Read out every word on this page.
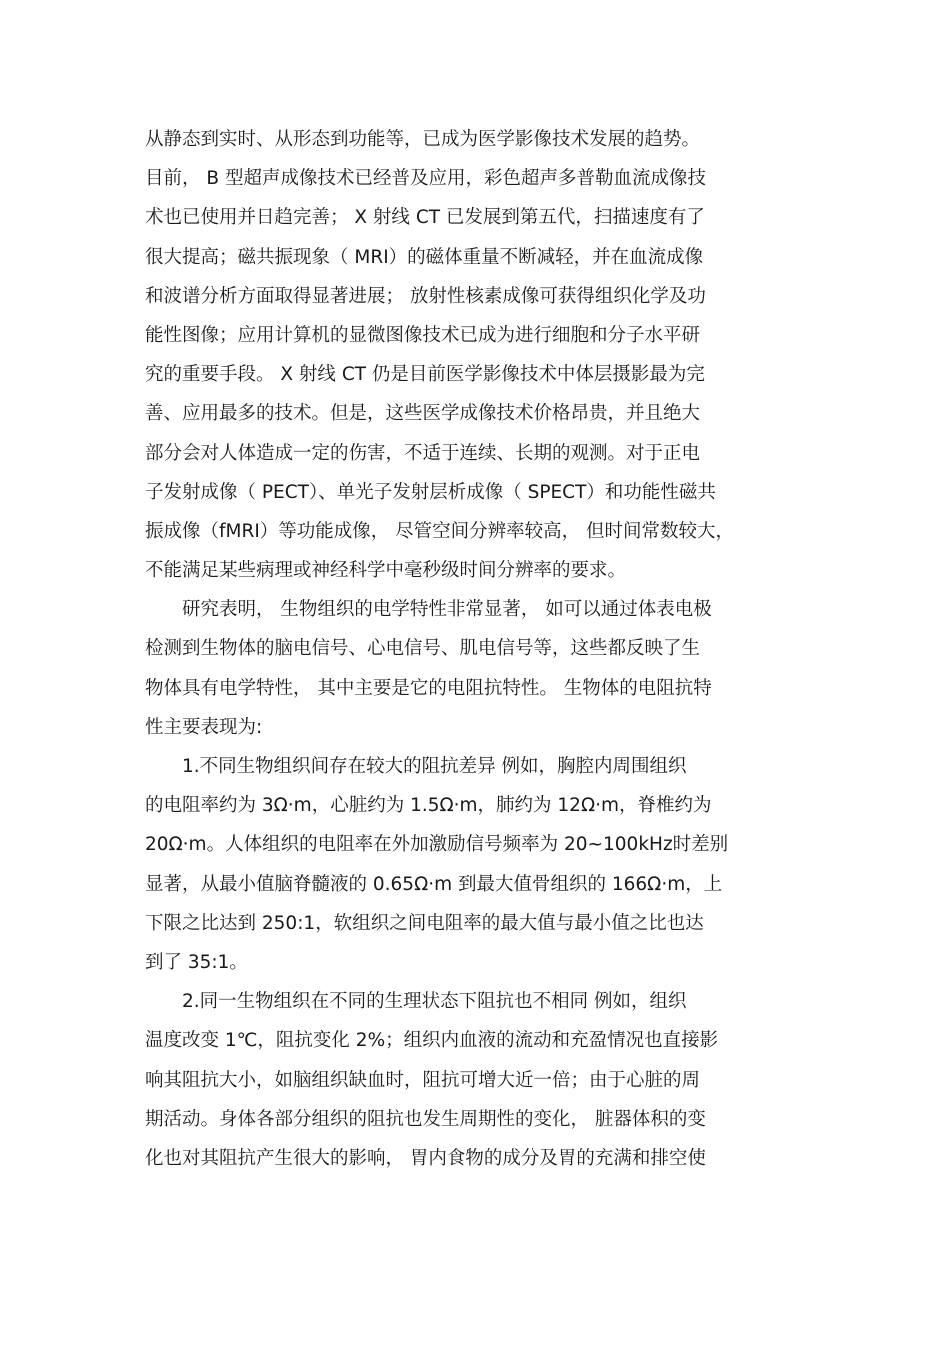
从静态到实时、从形态到功能等，已成为医学影像技术发展的趋势。
目前， B 型超声成像技术已经普及应用，彩色超声多普勒血流成像技
术也已使用并日趋完善； X 射线 CT 已发展到第五代，扫描速度有了
很大提高；磁共振现象（ MRI）的磁体重量不断减轻，并在血流成像
和波谱分析方面取得显著进展； 放射性核素成像可获得组织化学及功
能性图像；应用计算机的显微图像技术已成为进行细胞和分子水平研
究的重要手段。 X 射线 CT 仍是目前医学影像技术中体层摄影最为完
善、应用最多的技术。但是，这些医学成像技术价格昂贵，并且绝大
部分会对人体造成一定的伤害，不适于连续、长期的观测。对于正电
子发射成像（ PECT）、单光子发射层析成像（ SPECT）和功能性磁共
振成像（fMRI）等功能成像， 尽管空间分辨率较高， 但时间常数较大，
不能满足某些病理或神经科学中毫秒级时间分辨率的要求。
研究表明， 生物组织的电学特性非常显著， 如可以通过体表电极
检测到生物体的脑电信号、心电信号、肌电信号等，这些都反映了生
物体具有电学特性， 其中主要是它的电阻抗特性。 生物体的电阻抗特
性主要表现为:
1.不同生物组织间存在较大的阻抗差异 例如，胸腔内周围组织
的电阻率约为 3Ω·m，心脏约为 1.5Ω·m，肺约为 12Ω·m，脊椎约为
20Ω·m。人体组织的电阻率在外加激励信号频率为 20~100kHz时差别
显著，从最小值脑脊髓液的 0.65Ω·m 到最大值骨组织的 166Ω·m，上
下限之比达到 250:1，软组织之间电阻率的最大值与最小值之比也达
到了 35:1。
2.同一生物组织在不同的生理状态下阻抗也不相同 例如，组织
温度改变 1℃，阻抗变化 2%；组织内血液的流动和充盈情况也直接影
响其阻抗大小，如脑组织缺血时，阻抗可增大近一倍；由于心脏的周
期活动。身体各部分组织的阻抗也发生周期性的变化， 脏器体积的变
化也对其阻抗产生很大的影响， 胃内食物的成分及胃的充满和排空使
